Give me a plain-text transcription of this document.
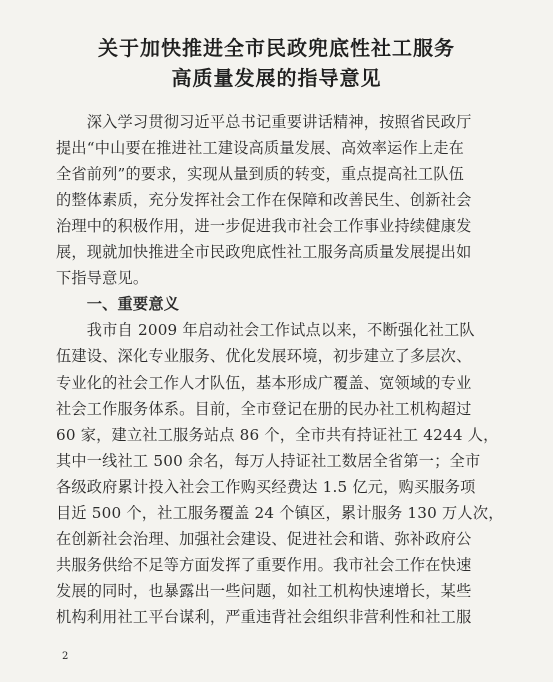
关于加快推进全市民政兜底性社工服务
高质量发展的指导意见
　　深入学习贯彻习近平总书记重要讲话精神，按照省民政厅
提出“中山要在推进社工建设高质量发展、高效率运作上走在
全省前列”的要求，实现从量到质的转变，重点提高社工队伍
的整体素质，充分发挥社会工作在保障和改善民生、创新社会
治理中的积极作用，进一步促进我市社会工作事业持续健康发
展，现就加快推进全市民政兜底性社工服务高质量发展提出如
下指导意见。
　　一、重要意义
　　我市自 2009 年启动社会工作试点以来，不断强化社工队
伍建设、深化专业服务、优化发展环境，初步建立了多层次、
专业化的社会工作人才队伍，基本形成广覆盖、宽领域的专业
社会工作服务体系。目前，全市登记在册的民办社工机构超过
60 家，建立社工服务站点 86 个，全市共有持证社工 4244 人，
其中一线社工 500 余名，每万人持证社工数居全省第一；全市
各级政府累计投入社会工作购买经费达 1.5 亿元，购买服务项
目近 500 个，社工服务覆盖 24 个镇区，累计服务 130 万人次，
在创新社会治理、加强社会建设、促进社会和谐、弥补政府公
共服务供给不足等方面发挥了重要作用。我市社会工作在快速
发展的同时，也暴露出一些问题，如社工机构快速增长，某些
机构利用社工平台谋利，严重违背社会组织非营利性和社工服
2
